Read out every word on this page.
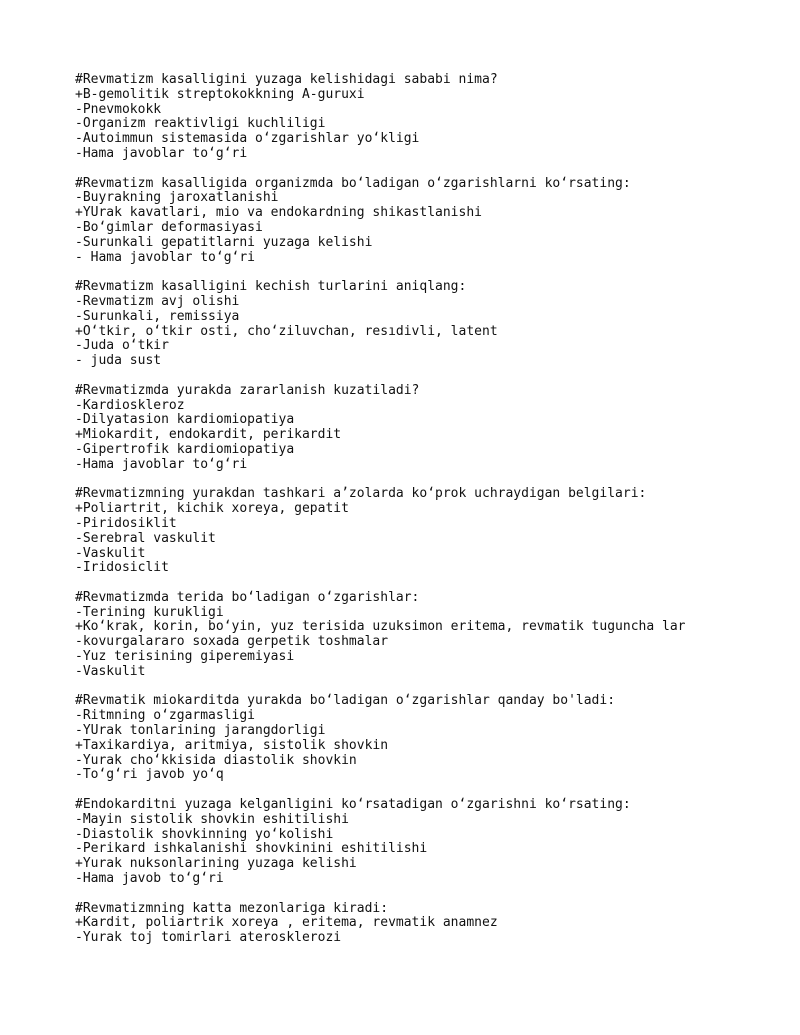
#Revmatizm kasalligini yuzaga kelishidagi sababi nima?
+B-gemolitik streptokokkning A-guruxi
-Pnevmokokk
-Organizm reaktivligi kuchliligi
-Autoimmun sistemasida oʻzgarishlar yoʻkligi
-Hama javoblar toʻgʻri
#Revmatizm kasalligida organizmda boʻladigan oʻzgarishlarni koʻrsating:
-Buyrakning jaroxatlanishi
+YUrak kavatlari, mio va endokardning shikastlanishi
-Boʻgimlar deformasiyasi
-Surunkali gepatitlarni yuzaga kelishi
- Hama javoblar toʻgʻri
#Revmatizm kasalligini kechish turlarini aniqlang:
-Revmatizm avj olishi
-Surunkali, remissiya
+Oʻtkir, oʻtkir osti, choʻziluvchan, resıdivli, latent
-Juda oʻtkir
- juda sust
#Revmatizmda yurakda zararlanish kuzatiladi?
-Kardioskleroz
-Dilyatasion kardiomiopatiya
+Miokardit, endokardit, perikardit
-Gipertrofik kardiomiopatiya
-Hama javoblar toʻgʻri
#Revmatizmning yurakdan tashkari aʼzolarda koʻprok uchraydigan belgilari:
+Poliartrit, kichik xoreya, gepatit
-Piridosiklit
-Serebral vaskulit
-Vaskulit
-Iridosiclit
#Revmatizmda terida boʻladigan oʻzgarishlar:
-Terining kurukligi
+Koʻkrak, korin, boʻyin, yuz terisida uzuksimon eritema, revmatik tuguncha lar
-kovurgalararo soxada gerpetik toshmalar
-Yuz terisining giperemiyasi
-Vaskulit
#Revmatik miokarditda yurakda boʻladigan oʻzgarishlar qanday bo'ladi:
-Ritmning oʻzgarmasligi
-YUrak tonlarining jarangdorligi
+Taxikardiya, aritmiya, sistolik shovkin
-Yurak choʻkkisida diastolik shovkin
-Toʻgʻri javob yoʻq
#Endokarditni yuzaga kelganligini koʻrsatadigan oʻzgarishni koʻrsating:
-Mayin sistolik shovkin eshitilishi
-Diastolik shovkinning yoʻkolishi
-Perikard ishkalanishi shovkinini eshitilishi
+Yurak nuksonlarining yuzaga kelishi
-Hama javob toʻgʻri
#Revmatizmning katta mezonlariga kiradi:
+Kardit, poliartrik xoreya , eritema, revmatik anamnez
-Yurak toj tomirlari aterosklerozi
